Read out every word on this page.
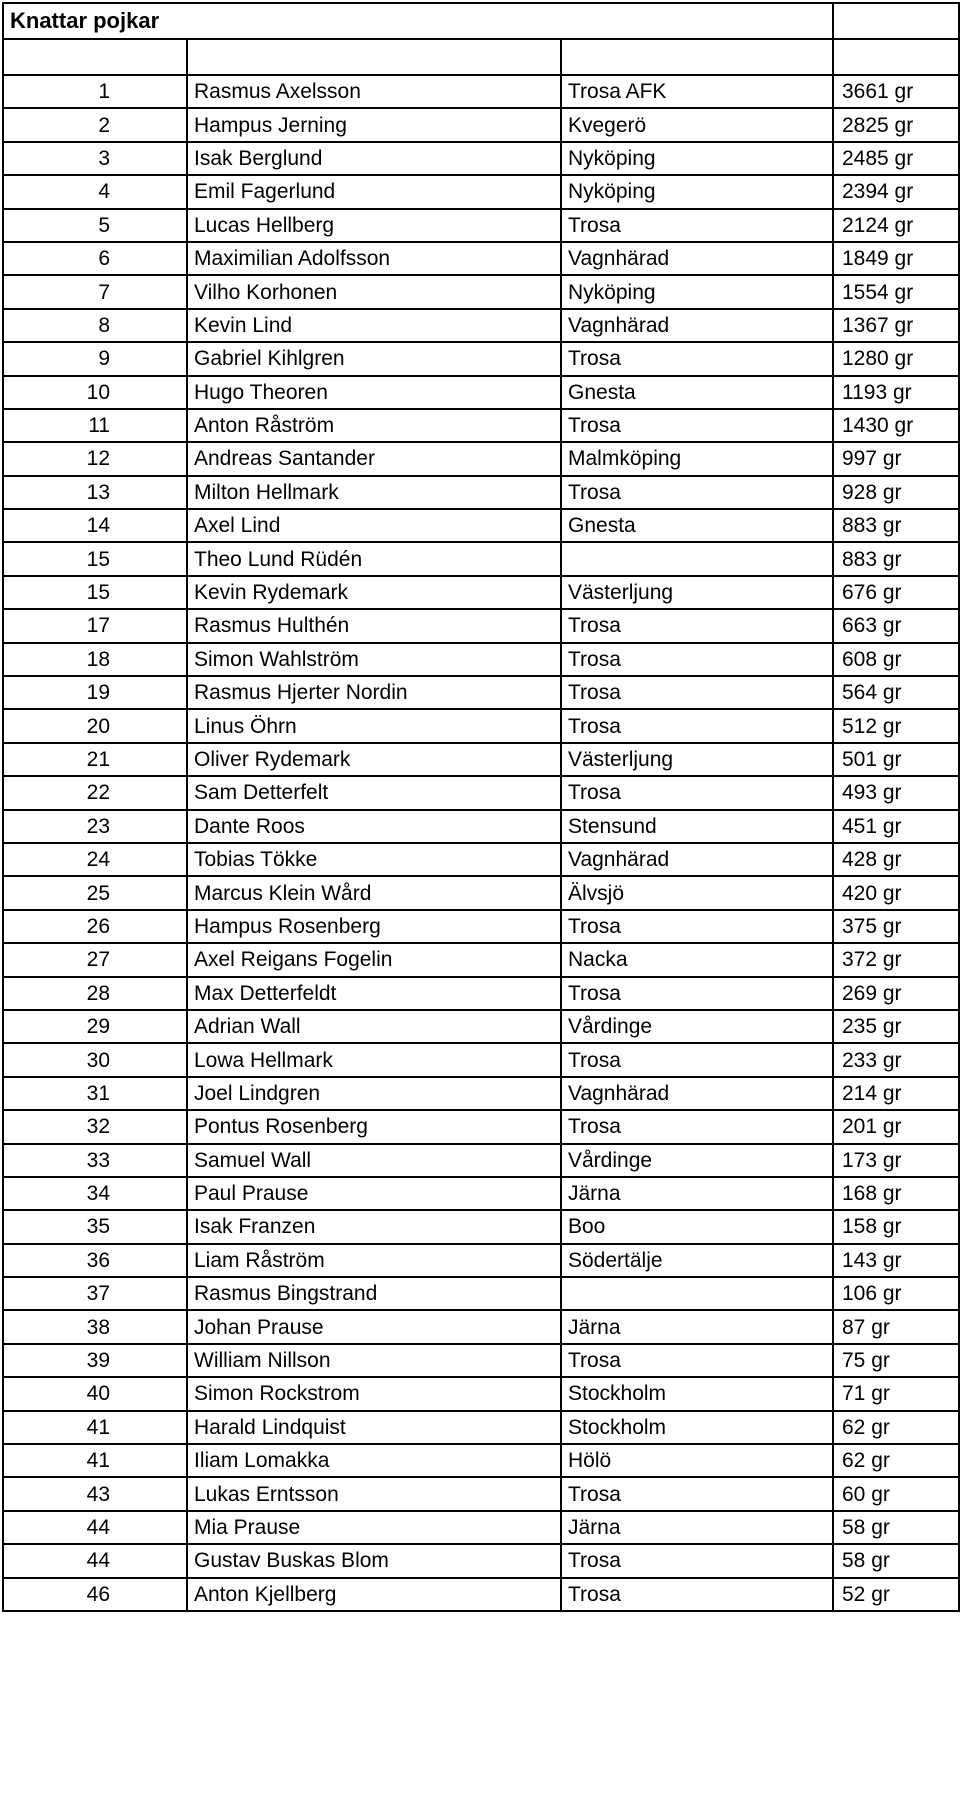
Knattar pojkar			

1	Rasmus Axelsson	Trosa AFK	3661 gr
2	Hampus Jerning	Kvegerö	2825 gr
3	Isak Berglund	Nyköping	2485 gr
4	Emil Fagerlund	Nyköping	2394 gr
5	Lucas Hellberg	Trosa	2124 gr
6	Maximilian Adolfsson	Vagnhärad	1849 gr
7	Vilho Korhonen	Nyköping	1554 gr
8	Kevin Lind	Vagnhärad	1367 gr
9	Gabriel Kihlgren	Trosa	1280 gr
10	Hugo Theoren	Gnesta	1193 gr
11	Anton Råström	Trosa	1430 gr
12	Andreas Santander	Malmköping	997 gr
13	Milton Hellmark	Trosa	928 gr
14	Axel Lind	Gnesta	883 gr
15	Theo Lund Rüdén		883 gr
15	Kevin Rydemark	Västerljung	676 gr
17	Rasmus Hulthén	Trosa	663 gr
18	Simon Wahlström	Trosa	608 gr
19	Rasmus Hjerter Nordin	Trosa	564 gr
20	Linus Öhrn	Trosa	512 gr
21	Oliver Rydemark	Västerljung	501 gr
22	Sam Detterfelt	Trosa	493 gr
23	Dante Roos	Stensund	451 gr
24	Tobias Tökke	Vagnhärad	428 gr
25	Marcus Klein Wård	Älvsjö	420 gr
26	Hampus Rosenberg	Trosa	375 gr
27	Axel Reigans Fogelin	Nacka	372 gr
28	Max Detterfeldt	Trosa	269 gr
29	Adrian Wall	Vårdinge	235 gr
30	Lowa Hellmark	Trosa	233 gr
31	Joel Lindgren	Vagnhärad	214 gr
32	Pontus Rosenberg	Trosa	201 gr
33	Samuel Wall	Vårdinge	173 gr
34	Paul Prause	Järna	168 gr
35	Isak Franzen	Boo	158 gr
36	Liam Råström	Södertälje	143 gr
37	Rasmus Bingstrand		106 gr
38	Johan Prause	Järna	87 gr
39	William Nillson	Trosa	75 gr
40	Simon Rockstrom	Stockholm	71 gr
41	Harald Lindquist	Stockholm	62 gr
41	Iliam Lomakka	Hölö	62 gr
43	Lukas Erntsson	Trosa	60 gr
44	Mia Prause	Järna	58 gr
44	Gustav Buskas Blom	Trosa	58 gr
46	Anton Kjellberg	Trosa	52 gr
